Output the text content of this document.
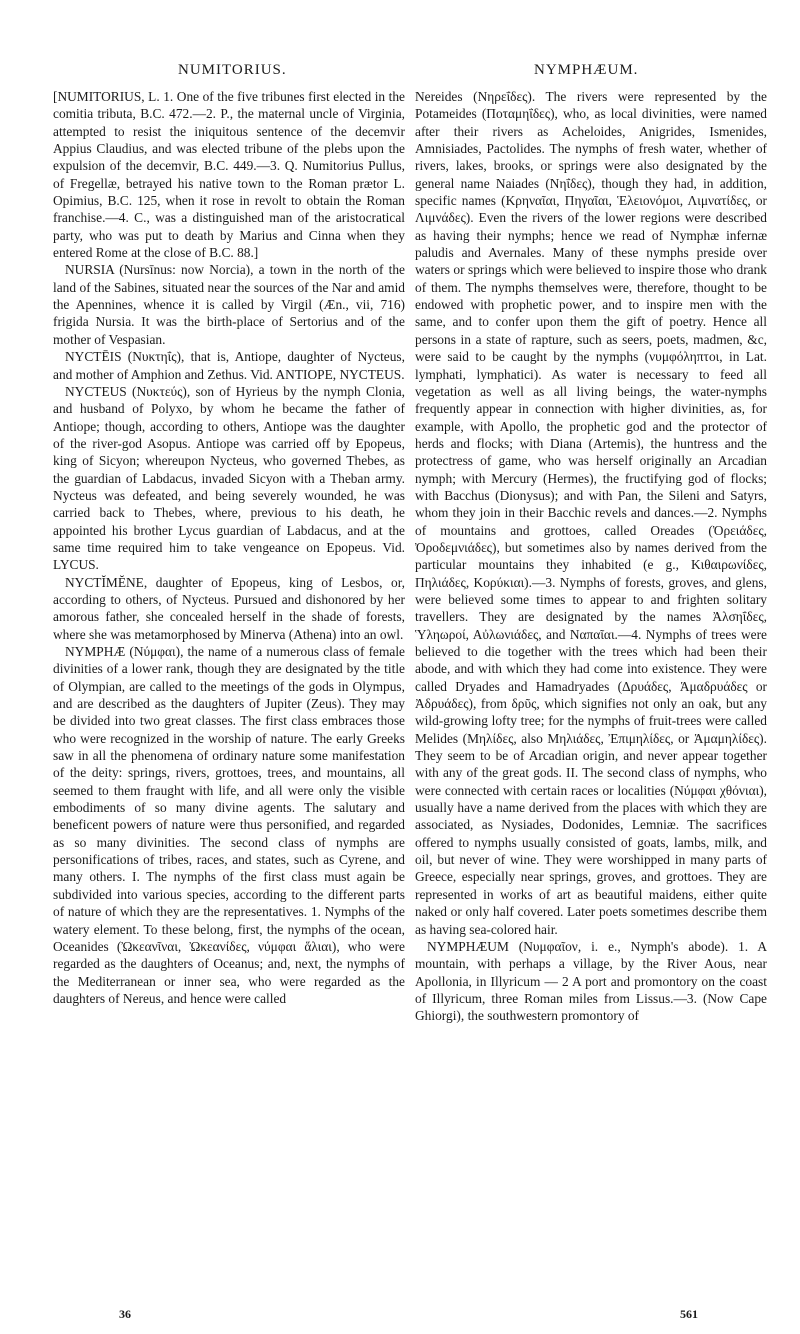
NUMITORIUS.	NYMPHÆUM.

[NUMITORIUS, L. 1. One of the five tribunes first elected in the comitia tributa, B.C. 472.—2. P., the maternal uncle of Virginia, attempted to resist the iniquitous sentence of the decemvir Appius Claudius, and was elected tribune of the plebs upon the expulsion of the decemvir, B.C. 449.—3. Q. Numitorius Pullus, of Fregellæ, betrayed his native town to the Roman prætor L. Opimius, B.C. 125, when it rose in revolt to obtain the Roman franchise.—4. C., was a distinguished man of the aristocratical party, who was put to death by Marius and Cinna when they entered Rome at the close of B.C. 88.]

NURSIA (Nursīnus: now Norcia), a town in the north of the land of the Sabines, situated near the sources of the Nar and amid the Apennines, whence it is called by Virgil (Æn., vii, 716) frigida Nursia. It was the birth-place of Sertorius and of the mother of Vespasian.

NYCTĒIS (Νυκτηΐς), that is, Antiope, daughter of Nycteus, and mother of Amphion and Zethus. Vid. ANTIOPE, NYCTEUS.

NYCTEUS (Νυκτεύς), son of Hyrieus by the nymph Clonia, and husband of Polyxo, by whom he became the father of Antiope; though, according to others, Antiope was the daughter of the river-god Asopus. Antiope was carried off by Epopeus, king of Sicyon; whereupon Nycteus, who governed Thebes, as the guardian of Labdacus, invaded Sicyon with a Theban army. Nycteus was defeated, and being severely wounded, he was carried back to Thebes, where, previous to his death, he appointed his brother Lycus guardian of Labdacus, and at the same time required him to take vengeance on Epopeus. Vid. LYCUS.

NYCTĬMĔNE, daughter of Epopeus, king of Lesbos, or, according to others, of Nycteus. Pursued and dishonored by her amorous father, she concealed herself in the shade of forests, where she was metamorphosed by Minerva (Athena) into an owl.

NYMPHÆ (Νύμφαι), the name of a numerous class of female divinities of a lower rank, though they are designated by the title of Olympian, are called to the meetings of the gods in Olympus, and are described as the daughters of Jupiter (Zeus). They may be divided into two great classes. The first class embraces those who were recognized in the worship of nature. The early Greeks saw in all the phenomena of ordinary nature some manifestation of the deity: springs, rivers, grottoes, trees, and mountains, all seemed to them fraught with life, and all were only the visible embodiments of so many divine agents. The salutary and beneficent powers of nature were thus personified, and regarded as so many divinities. The second class of nymphs are personifications of tribes, races, and states, such as Cyrene, and many others. I. The nymphs of the first class must again be subdivided into various species, according to the different parts of nature of which they are the representatives. 1. Nymphs of the watery element. To these belong, first, the nymphs of the ocean, Oceanides (Ὠκεανῖναι, Ὠκεανίδες, νύμφαι ἅλιαι), who were regarded as the daughters of Oceanus; and, next, the nymphs of the Mediterranean or inner sea, who were regarded as the daughters of Nereus, and hence were called

Nereides (Νηρεΐδες). The rivers were represented by the Potameides (Ποταμηΐδες), who, as local divinities, were named after their rivers as Acheloides, Anigrides, Ismenides, Amnisiades, Pactolides. The nymphs of fresh water, whether of rivers, lakes, brooks, or springs were also designated by the general name Naiades (Νηΐδες), though they had, in addition, specific names (Κρηναῖαι, Πηγαῖαι, Ἑλειονόμοι, Λιμνατίδες, or Λιμνάδες). Even the rivers of the lower regions were described as having their nymphs; hence we read of Nymphæ infernæ paludis and Avernales. Many of these nymphs preside over waters or springs which were believed to inspire those who drank of them. The nymphs themselves were, therefore, thought to be endowed with prophetic power, and to inspire men with the same, and to confer upon them the gift of poetry. Hence all persons in a state of rapture, such as seers, poets, madmen, &c, were said to be caught by the nymphs (νυμφόληπτοι, in Lat. lymphati, lymphatici). As water is necessary to feed all vegetation as well as all living beings, the water-nymphs frequently appear in connection with higher divinities, as, for example, with Apollo, the prophetic god and the protector of herds and flocks; with Diana (Artemis), the huntress and the protectress of game, who was herself originally an Arcadian nymph; with Mercury (Hermes), the fructifying god of flocks; with Bacchus (Dionysus); and with Pan, the Sileni and Satyrs, whom they join in their Bacchic revels and dances.—2. Nymphs of mountains and grottoes, called Oreades (Ὀρειάδες, Ὀροδεμνιάδες), but sometimes also by names derived from the particular mountains they inhabited (e g., Κιθαιρωνίδες, Πηλιάδες, Κορύκιαι).—3. Nymphs of forests, groves, and glens, were believed some times to appear to and frighten solitary travellers. They are designated by the names Ἀλσηΐδες, Ὑληωροί, Αὐλωνιάδες, and Ναπαῖαι.—4. Nymphs of trees were believed to die together with the trees which had been their abode, and with which they had come into existence. They were called Dryades and Hamadryades (Δρυάδες, Ἁμαδρυάδες or Ἀδρυάδες), from δρῦς, which signifies not only an oak, but any wild-growing lofty tree; for the nymphs of fruit-trees were called Melides (Μηλίδες, also Μηλιάδες, Ἐπιμηλίδες, or Ἁμαμηλίδες). They seem to be of Arcadian origin, and never appear together with any of the great gods. II. The second class of nymphs, who were connected with certain races or localities (Νύμφαι χθόνιαι), usually have a name derived from the places with which they are associated, as Nysiades, Dodonides, Lemniæ. The sacrifices offered to nymphs usually consisted of goats, lambs, milk, and oil, but never of wine. They were worshipped in many parts of Greece, especially near springs, groves, and grottoes. They are represented in works of art as beautiful maidens, either quite naked or only half covered. Later poets sometimes describe them as having sea-colored hair.

NYMPHÆUM (Νυμφαῖον, i. e., Nymph's abode). 1. A mountain, with perhaps a village, by the River Aous, near Apollonia, in Illyricum — 2 A port and promontory on the coast of Illyricum, three Roman miles from Lissus.—3. (Now Cape Ghiorgi), the southwestern promontory of

36	561
